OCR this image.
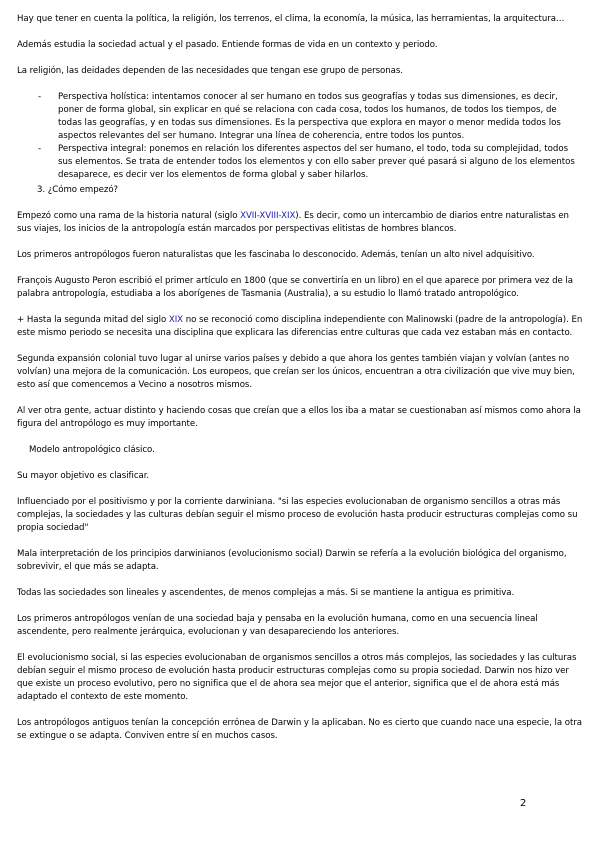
Hay que tener en cuenta la política, la religión, los terrenos, el clima, la economía, la música, las herramientas, la arquitectura…

Además estudia la sociedad actual y el pasado. Entiende formas de vida en un contexto y periodo.

La religión, las deidades dependen de las necesidades que tengan ese grupo de personas.

- Perspectiva holística: intentamos conocer al ser humano en todos sus geografías y todas sus dimensiones, es decir, poner de forma global, sin explicar en qué se relaciona con cada cosa, todos los humanos, de todos los tiempos, de todas las geografías, y en todas sus dimensiones. Es la perspectiva que explora en mayor o menor medida todos los aspectos relevantes del ser humano. Integrar una línea de coherencia, entre todos los puntos.
- Perspectiva integral: ponemos en relación los diferentes aspectos del ser humano, el todo, toda su complejidad, todos sus elementos. Se trata de entender todos los elementos y con ello saber prever qué pasará si alguno de los elementos desaparece, es decir ver los elementos de forma global y saber hilarlos.

3. ¿Cómo empezó?

Empezó como una rama de la historia natural (siglo XVII-XVIII-XIX). Es decir, como un intercambio de diarios entre naturalistas en sus viajes, los inicios de la antropología están marcados por perspectivas elitistas de hombres blancos.

Los primeros antropólogos fueron naturalistas que les fascinaba lo desconocido. Además, tenían un alto nivel adquisitivo.

François Augusto Peron escribió el primer artículo en 1800 (que se convertiría en un libro) en el que aparece por primera vez de la palabra antropología, estudiaba a los aborígenes de Tasmania (Australia), a su estudio lo llamó tratado antropológico.

+ Hasta la segunda mitad del siglo XIX no se reconoció como disciplina independiente con Malinowski (padre de la antropología). En este mismo periodo se necesita una disciplina que explicara las diferencias entre culturas que cada vez estaban más en contacto.

Segunda expansión colonial tuvo lugar al unirse varios países y debido a que ahora los gentes también viajan y volvían (antes no volvían) una mejora de la comunicación. Los europeos, que creían ser los únicos, encuentran a otra civilización que vive muy bien, esto así que comencemos a Vecino a nosotros mismos.

Al ver otra gente, actuar distinto y haciendo cosas que creían que a ellos los iba a matar se cuestionaban así mismos como ahora la figura del antropólogo es muy importante.

Modelo antropológico clásico.

Su mayor objetivo es clasificar.

Influenciado por el positivismo y por la corriente darwiniana. "si las especies evolucionaban de organismo sencillos a otras más complejas, la sociedades y las culturas debían seguir el mismo proceso de evolución hasta producir estructuras complejas como su propia sociedad"

Mala interpretación de los principios darwinianos (evolucionismo social) Darwin se refería a la evolución biológica del organismo, sobrevivir, el que más se adapta.

Todas las sociedades son lineales y ascendentes, de menos complejas a más. Si se mantiene la antigua es primitiva.

Los primeros antropólogos venían de una sociedad baja y pensaba en la evolución humana, como en una secuencia lineal ascendente, pero realmente jerárquica, evolucionan y van desapareciendo los anteriores.

El evolucionismo social, si las especies evolucionaban de organismos sencillos a otros más complejos, las sociedades y las culturas debían seguir el mismo proceso de evolución hasta producir estructuras complejas como su propia sociedad. Darwin nos hizo ver que existe un proceso evolutivo, pero no significa que el de ahora sea mejor que el anterior, significa que el de ahora está más adaptado el contexto de este momento.

Los antropólogos antiguos tenían la concepción errónea de Darwin y la aplicaban. No es cierto que cuando nace una especie, la otra se extingue o se adapta. Conviven entre sí en muchos casos.

2
